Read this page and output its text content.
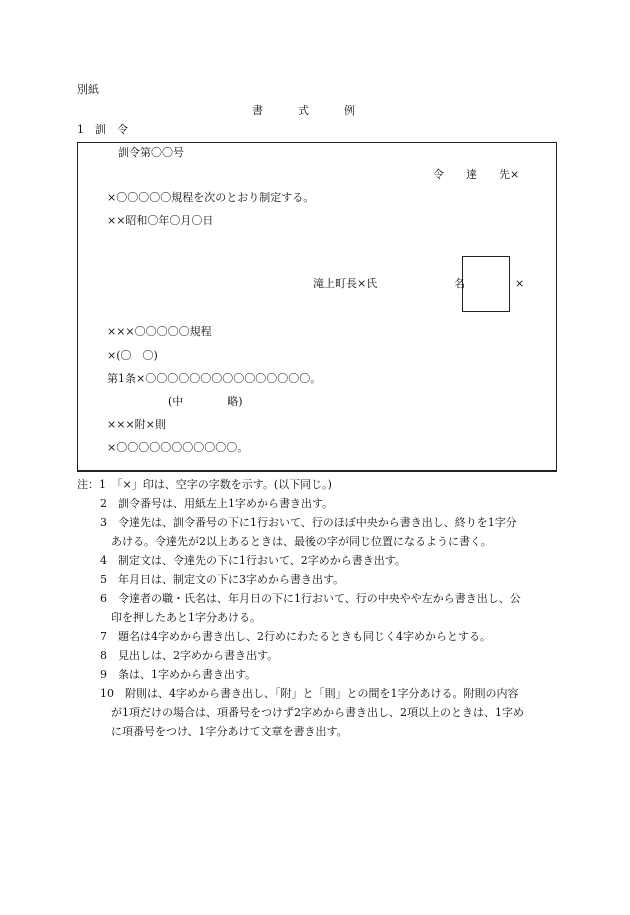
別紙
書　　　式　　　例
1　訓　令
訓令第〇〇号
令　　達　　先×
×〇〇〇〇〇規程を次のとおり制定する。
××昭和〇年〇月〇日
滝上町長×氏	名	×
×××〇〇〇〇〇規程
×(〇　〇)
第1条×〇〇〇〇〇〇〇〇〇〇〇〇〇〇〇。
(中　　　　略)
×××附×則
×〇〇〇〇〇〇〇〇〇〇〇。
注：1　「×」印は、空字の字数を示す。(以下同じ。)
2　訓令番号は、用紙左上1字めから書き出す。
3　令達先は、訓令番号の下に1行おいて、行のほぼ中央から書き出し、終りを1字分
あける。令達先が2以上あるときは、最後の字が同じ位置になるように書く。
4　制定文は、令達先の下に1行おいて、2字めから書き出す。
5　年月日は、制定文の下に3字めから書き出す。
6　令達者の職・氏名は、年月日の下に1行おいて、行の中央やや左から書き出し、公
印を押したあと1字分あける。
7　題名は4字めから書き出し、2行めにわたるときも同じく4字めからとする。
8　見出しは、2字めから書き出す。
9　条は、1字めから書き出す。
10　附則は、4字めから書き出し、「附」と「則」との間を1字分あける。附則の内容
が1項だけの場合は、項番号をつけず2字めから書き出し、2項以上のときは、1字め
に項番号をつけ、1字分あけて文章を書き出す。
